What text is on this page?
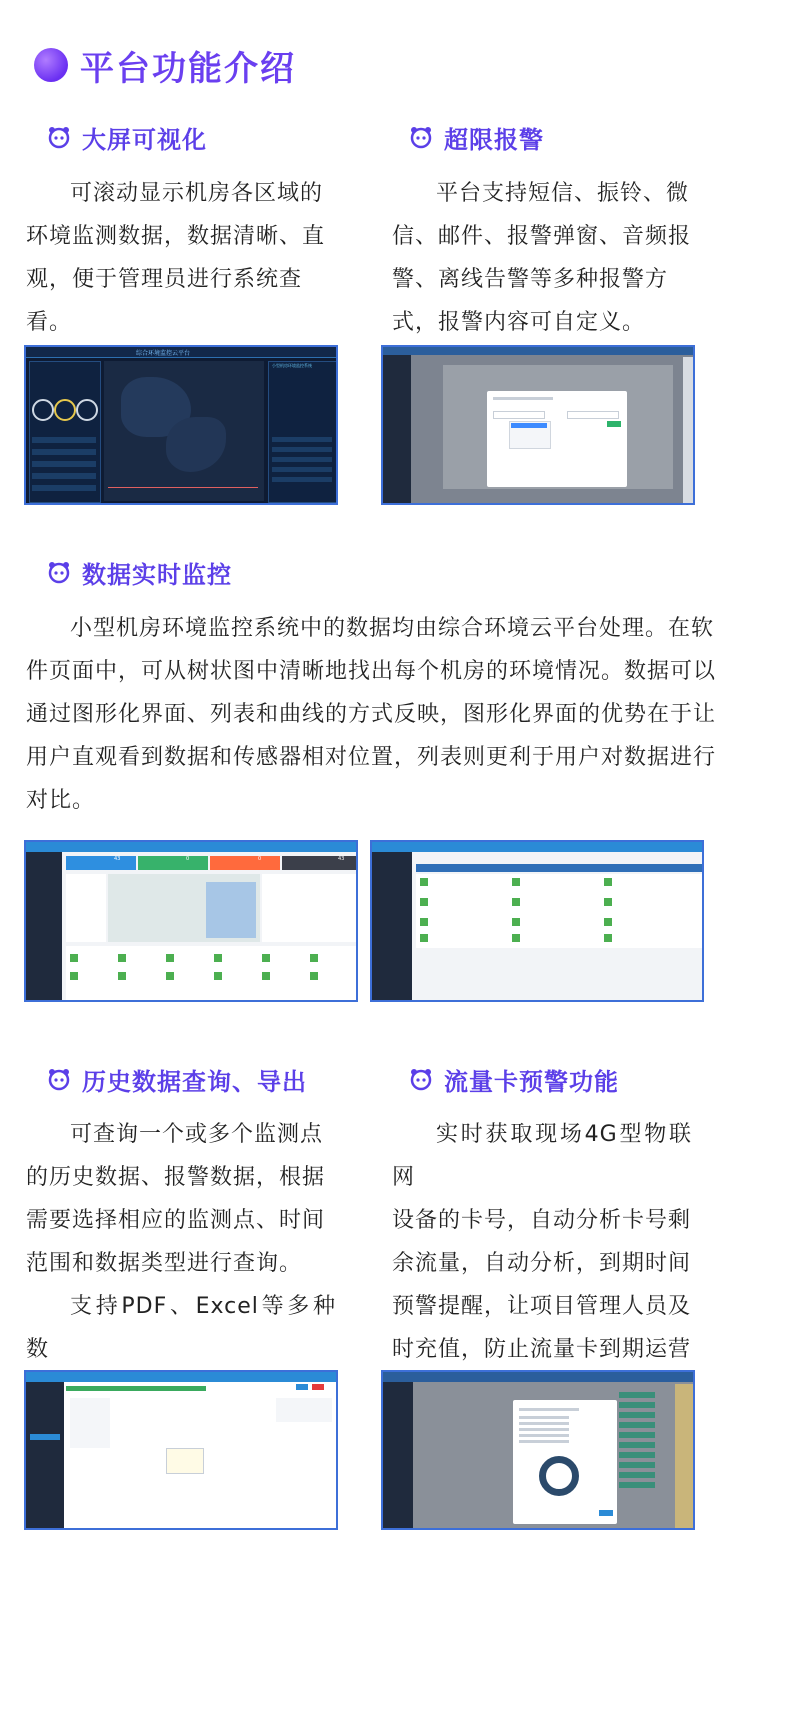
平台功能介绍
大屏可视化
可滚动显示机房各区域的
环境监测数据，数据清晰、直
观，便于管理员进行系统查
看。
超限报警
平台支持短信、振铃、微
信、邮件、报警弹窗、音频报
警、离线告警等多种报警方
式，报警内容可自定义。
综合环境监控云平台
小型机房环境监控系统
数据实时监控
小型机房环境监控系统中的数据均由综合环境云平台处理。在软
件页面中，可从树状图中清晰地找出每个机房的环境情况。数据可以
通过图形化界面、列表和曲线的方式反映，图形化界面的优势在于让
用户直观看到数据和传感器相对位置，列表则更利于用户对数据进行
对比。
43	0	0	43
历史数据查询、导出
可查询一个或多个监测点
的历史数据、报警数据，根据
需要选择相应的监测点、时间
范围和数据类型进行查询。
支持PDF、Excel等多种数
流量卡预警功能
实时获取现场4G型物联网
设备的卡号，自动分析卡号剩
余流量，自动分析，到期时间
预警提醒，让项目管理人员及
时充值，防止流量卡到期运营
